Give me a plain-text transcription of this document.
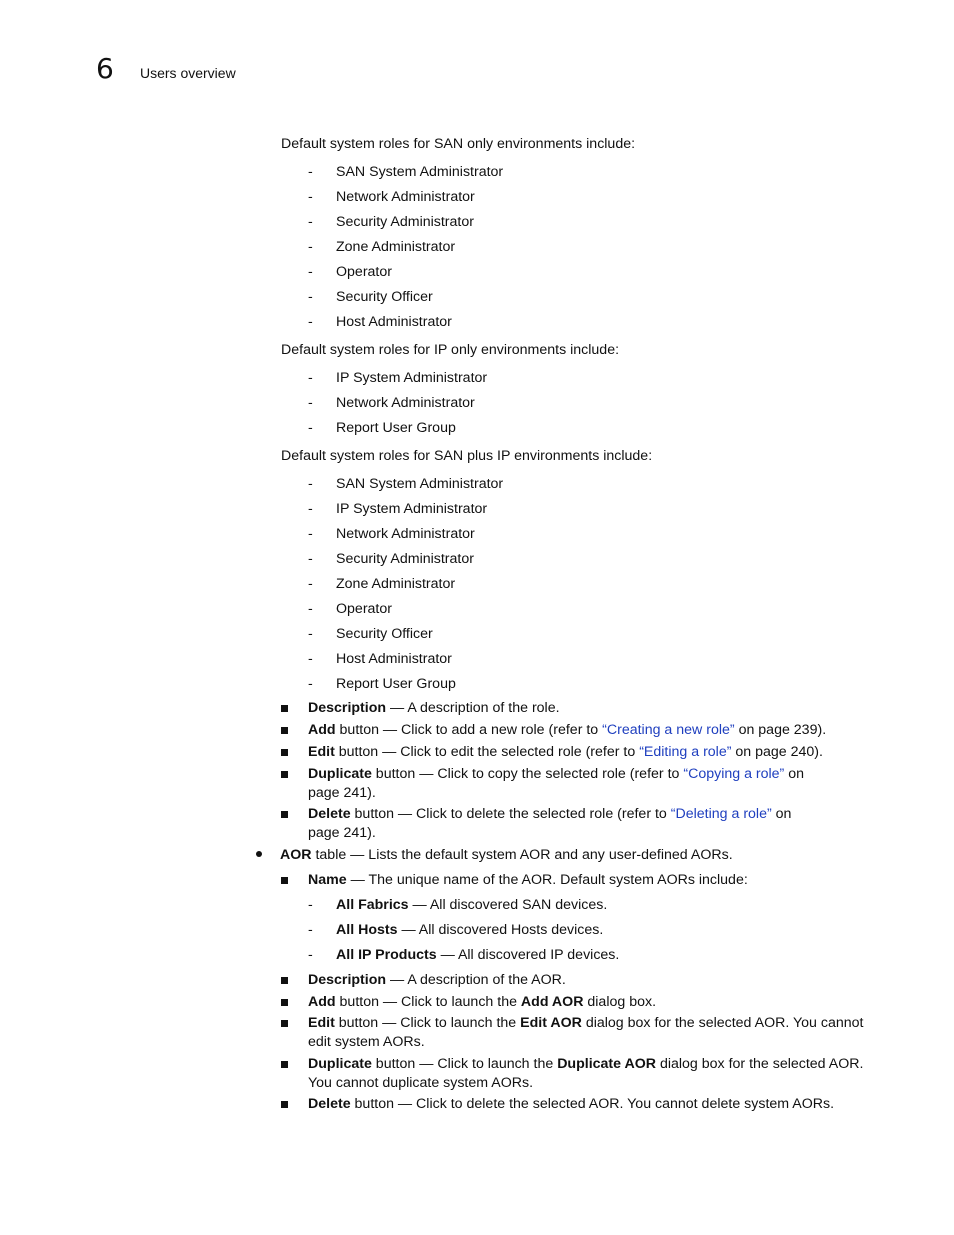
6 Users overview
Default system roles for SAN only environments include:
-	SAN System Administrator
-	Network Administrator
-	Security Administrator
-	Zone Administrator
-	Operator
-	Security Officer
-	Host Administrator
Default system roles for IP only environments include:
-	IP System Administrator
-	Network Administrator
-	Report User Group
Default system roles for SAN plus IP environments include:
-	SAN System Administrator
-	IP System Administrator
-	Network Administrator
-	Security Administrator
-	Zone Administrator
-	Operator
-	Security Officer
-	Host Administrator
-	Report User Group
Description — A description of the role.
Add button — Click to add a new role (refer to “Creating a new role” on page 239).
Edit button — Click to edit the selected role (refer to “Editing a role” on page 240).
Duplicate button — Click to copy the selected role (refer to “Copying a role” on
page 241).
Delete button — Click to delete the selected role (refer to “Deleting a role” on
page 241).
AOR table — Lists the default system AOR and any user-defined AORs.
Name — The unique name of the AOR. Default system AORs include:
-	All Fabrics — All discovered SAN devices.
-	All Hosts — All discovered Hosts devices.
-	All IP Products — All discovered IP devices.
Description — A description of the AOR.
Add button — Click to launch the Add AOR dialog box.
Edit button — Click to launch the Edit AOR dialog box for the selected AOR. You cannot
edit system AORs.
Duplicate button — Click to launch the Duplicate AOR dialog box for the selected AOR.
You cannot duplicate system AORs.
Delete button — Click to delete the selected AOR. You cannot delete system AORs.
